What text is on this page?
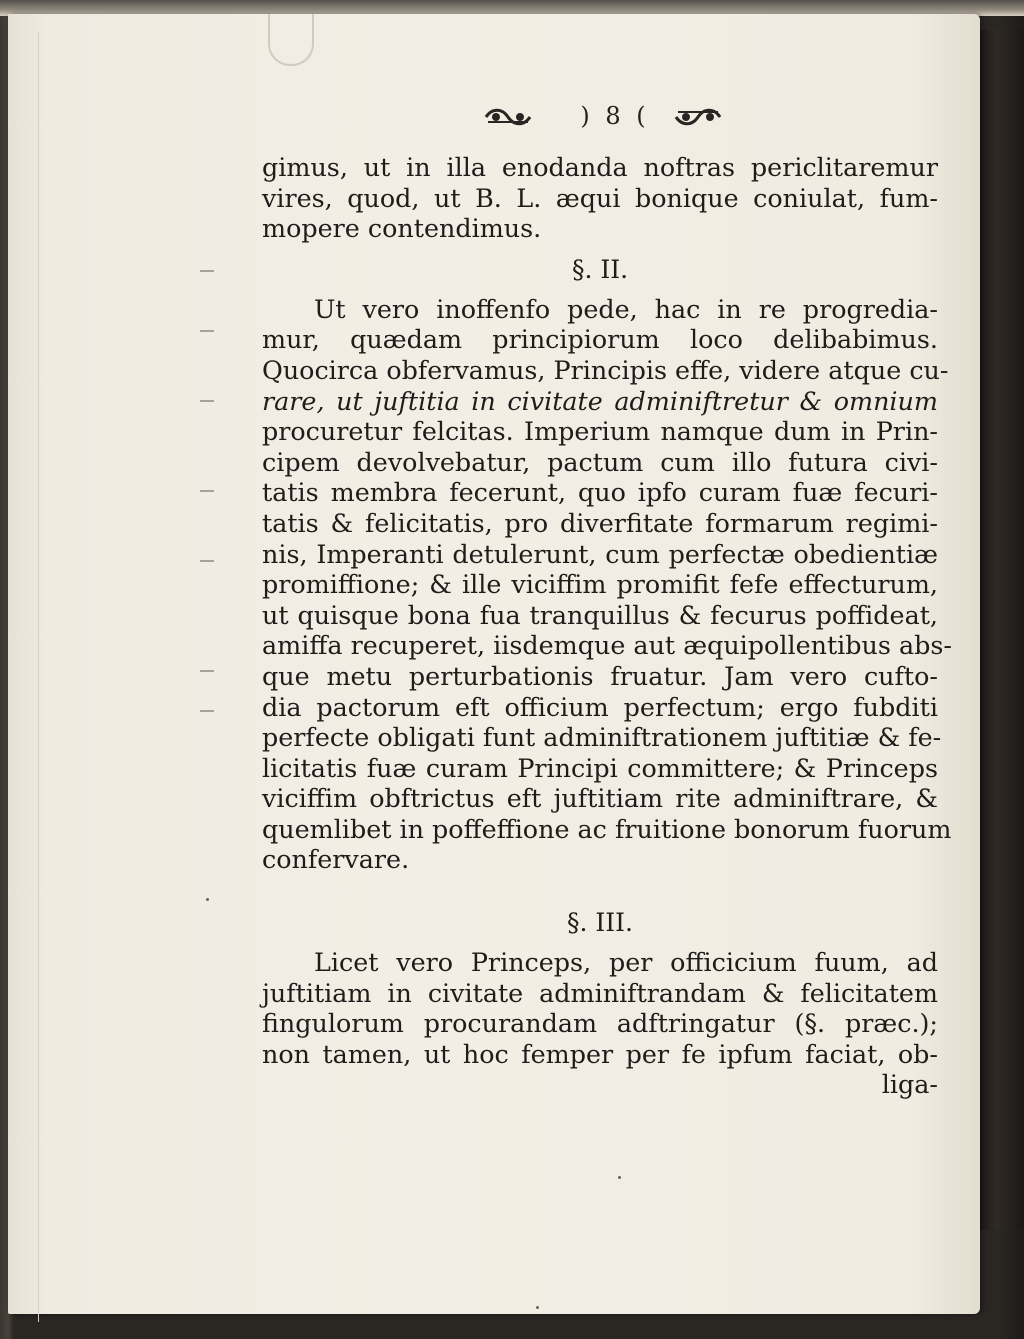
) 8 (
gimus, ut in illa enodanda noftras periclitaremur
vires, quod, ut B. L. æqui bonique coniulat, fum-
mopere contendimus.
§. II.
Ut vero inoffenfo pede, hac in re progredia-
mur, quædam principiorum loco delibabimus.
Quocirca obfervamus, Principis effe, videre atque cu-
rare, ut juftitia in civitate adminiftretur & omnium
procuretur felcitas. Imperium namque dum in Prin-
cipem devolvebatur, pactum cum illo futura civi-
tatis membra fecerunt, quo ipfo curam fuæ fecuri-
tatis & felicitatis, pro diverfitate formarum regimi-
nis, Imperanti detulerunt, cum perfectæ obedientiæ
promiffione; & ille viciffim promifit fefe effecturum,
ut quisque bona fua tranquillus & fecurus poffideat,
amiffa recuperet, iisdemque aut æquipollentibus abs-
que metu perturbationis fruatur. Jam vero cufto-
dia pactorum eft officium perfectum; ergo fubditi
perfecte obligati funt adminiftrationem juftitiæ & fe-
licitatis fuæ curam Principi committere; & Princeps
viciffim obftrictus eft juftitiam rite adminiftrare, &
quemlibet in poffeffione ac fruitione bonorum fuorum
confervare.
§. III.
Licet vero Princeps, per officicium fuum, ad
juftitiam in civitate adminiftrandam & felicitatem
fingulorum procurandam adftringatur (§. præc.);
non tamen, ut hoc femper per fe ipfum faciat, ob-
liga-
